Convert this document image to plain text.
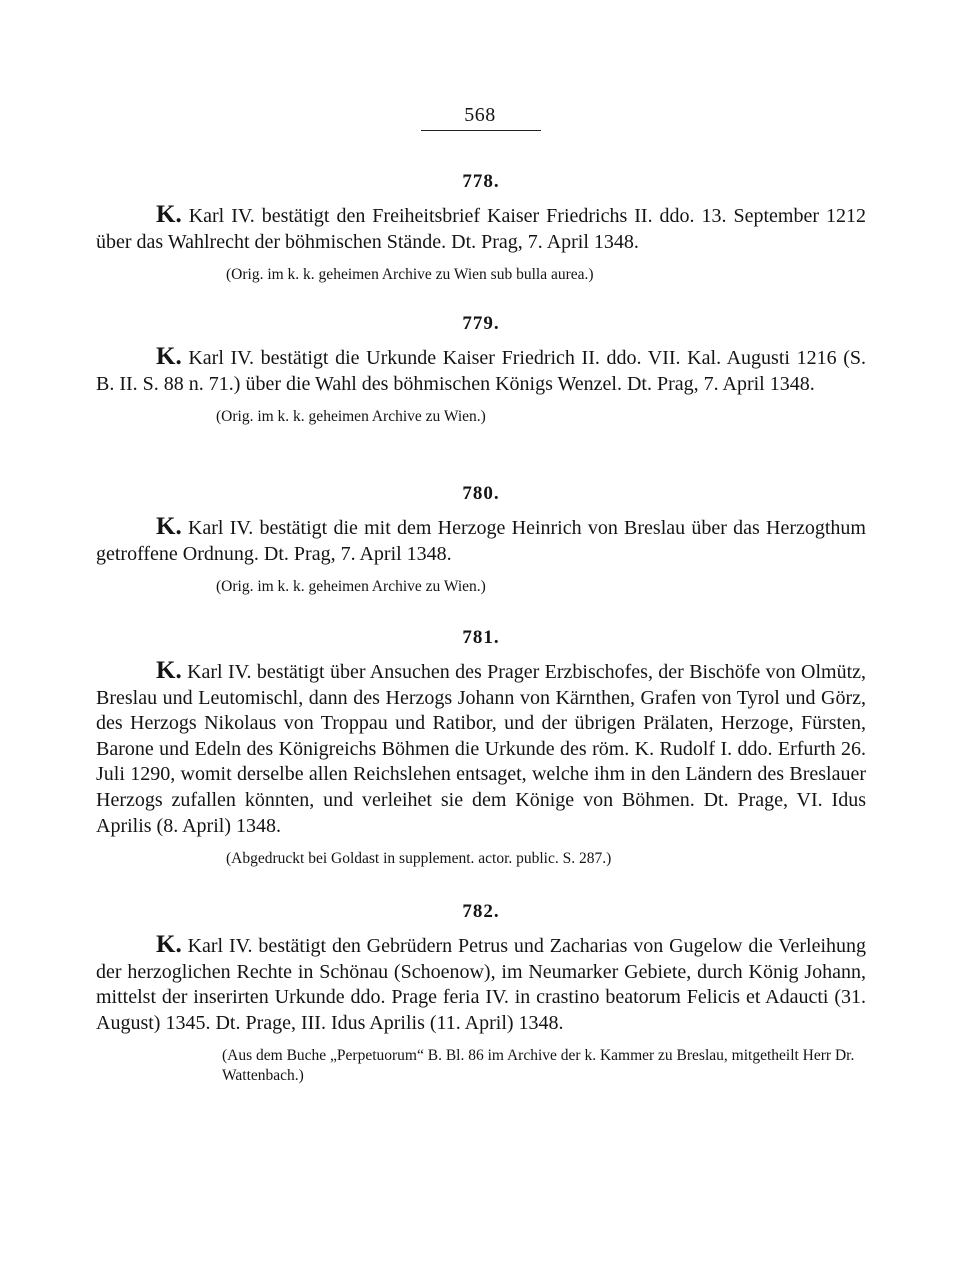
568
778.

K. Karl IV. bestätigt den Freiheitsbrief Kaiser Friedrichs II. ddo. 13. September 1212 über das Wahlrecht der böhmischen Stände. Dt. Prag, 7. April 1348.

(Orig. im k. k. geheimen Archive zu Wien sub bulla aurea.)

779.

K. Karl IV. bestätigt die Urkunde Kaiser Friedrich II. ddo. VII. Kal. Augusti 1216 (S. B. II. S. 88 n. 71.) über die Wahl des böhmischen Königs Wenzel. Dt. Prag, 7. April 1348.

(Orig. im k. k. geheimen Archive zu Wien.)

780.

K. Karl IV. bestätigt die mit dem Herzoge Heinrich von Breslau über das Herzogthum getroffene Ordnung. Dt. Prag, 7. April 1348.

(Orig. im k. k. geheimen Archive zu Wien.)

781.

K. Karl IV. bestätigt über Ansuchen des Prager Erzbischofes, der Bischöfe von Olmütz, Breslau und Leutomischl, dann des Herzogs Johann von Kärnthen, Grafen von Tyrol und Görz, des Herzogs Nikolaus von Troppau und Ratibor, und der übrigen Prälaten, Herzoge, Fürsten, Barone und Edeln des Königreichs Böhmen die Urkunde des röm. K. Rudolf I. ddo. Erfurth 26. Juli 1290, womit derselbe allen Reichslehen entsaget, welche ihm in den Ländern des Breslauer Herzogs zufallen könnten, und verleihet sie dem Könige von Böhmen. Dt. Prage, VI. Idus Aprilis (8. April) 1348.

(Abgedruckt bei Goldast in supplement. actor. public. S. 287.)

782.

K. Karl IV. bestätigt den Gebrüdern Petrus und Zacharias von Gugelow die Verleihung der herzoglichen Rechte in Schönau (Schoenow), im Neumarker Gebiete, durch König Johann, mittelst der inserirten Urkunde ddo. Prage feria IV. in crastino beatorum Felicis et Adaucti (31. August) 1345. Dt. Prage, III. Idus Aprilis (11. April) 1348.

(Aus dem Buche „Perpetuorum“ B. Bl. 86 im Archive der k. Kammer zu Breslau, mitgetheilt Herr Dr. Wattenbach.)
